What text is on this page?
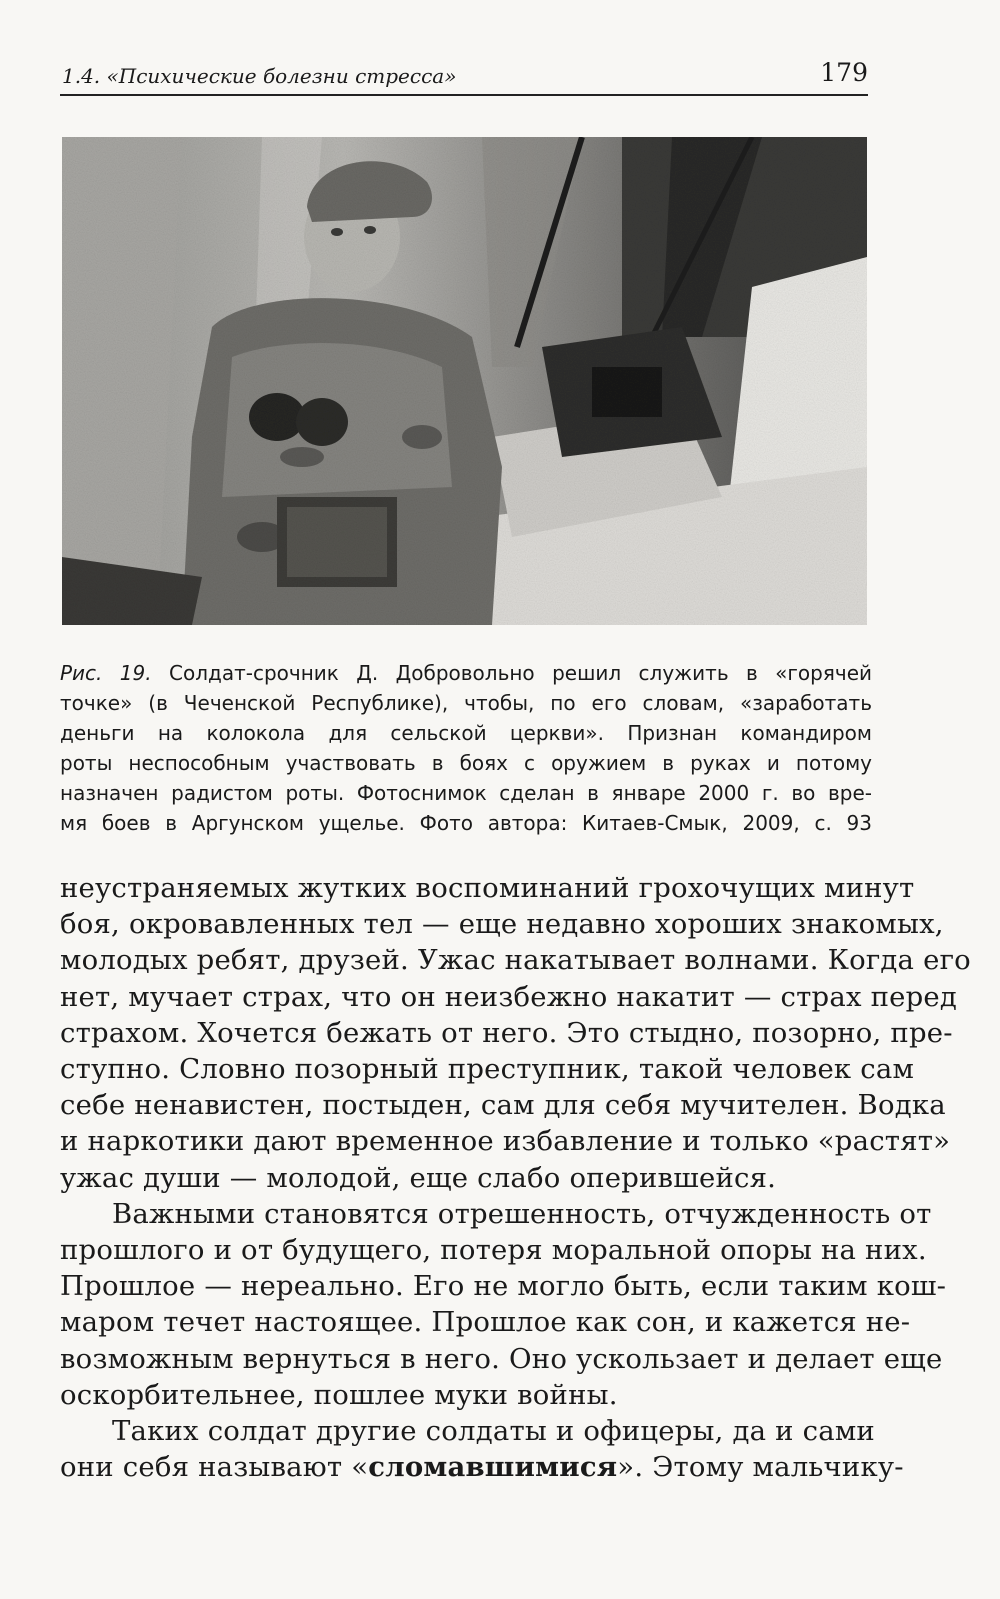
1.4. «Психические болезни стресса»	179
Рис. 19. Солдат-срочник Д. Добровольно решил служить в «горячей
точке» (в Чеченской Республике), чтобы, по его словам, «заработать
деньги на колокола для сельской церкви». Признан командиром
роты неспособным участвовать в боях с оружием в руках и потому
назначен радистом роты. Фотоснимок сделан в январе 2000 г. во вре-
мя боев в Аргунском ущелье. Фото автора: Китаев-Смык, 2009, с. 93
неустраняемых жутких воспоминаний грохочущих минут
боя, окровавленных тел — еще недавно хороших знакомых,
молодых ребят, друзей. Ужас накатывает волнами. Когда его
нет, мучает страх, что он неизбежно накатит — страх перед
страхом. Хочется бежать от него. Это стыдно, позорно, пре-
ступно. Словно позорный преступник, такой человек сам
себе ненавистен, постыден, сам для себя мучителен. Водка
и наркотики дают временное избавление и только «растят»
ужас души — молодой, еще слабо оперившейся.
Важными становятся отрешенность, отчужденность от
прошлого и от будущего, потеря моральной опоры на них.
Прошлое — нереально. Его не могло быть, если таким кош-
маром течет настоящее. Прошлое как сон, и кажется не-
возможным вернуться в него. Оно ускользает и делает еще
оскорбительнее, пошлее муки войны.
Таких солдат другие солдаты и офицеры, да и сами
они себя называют «сломавшимися». Этому мальчику-
